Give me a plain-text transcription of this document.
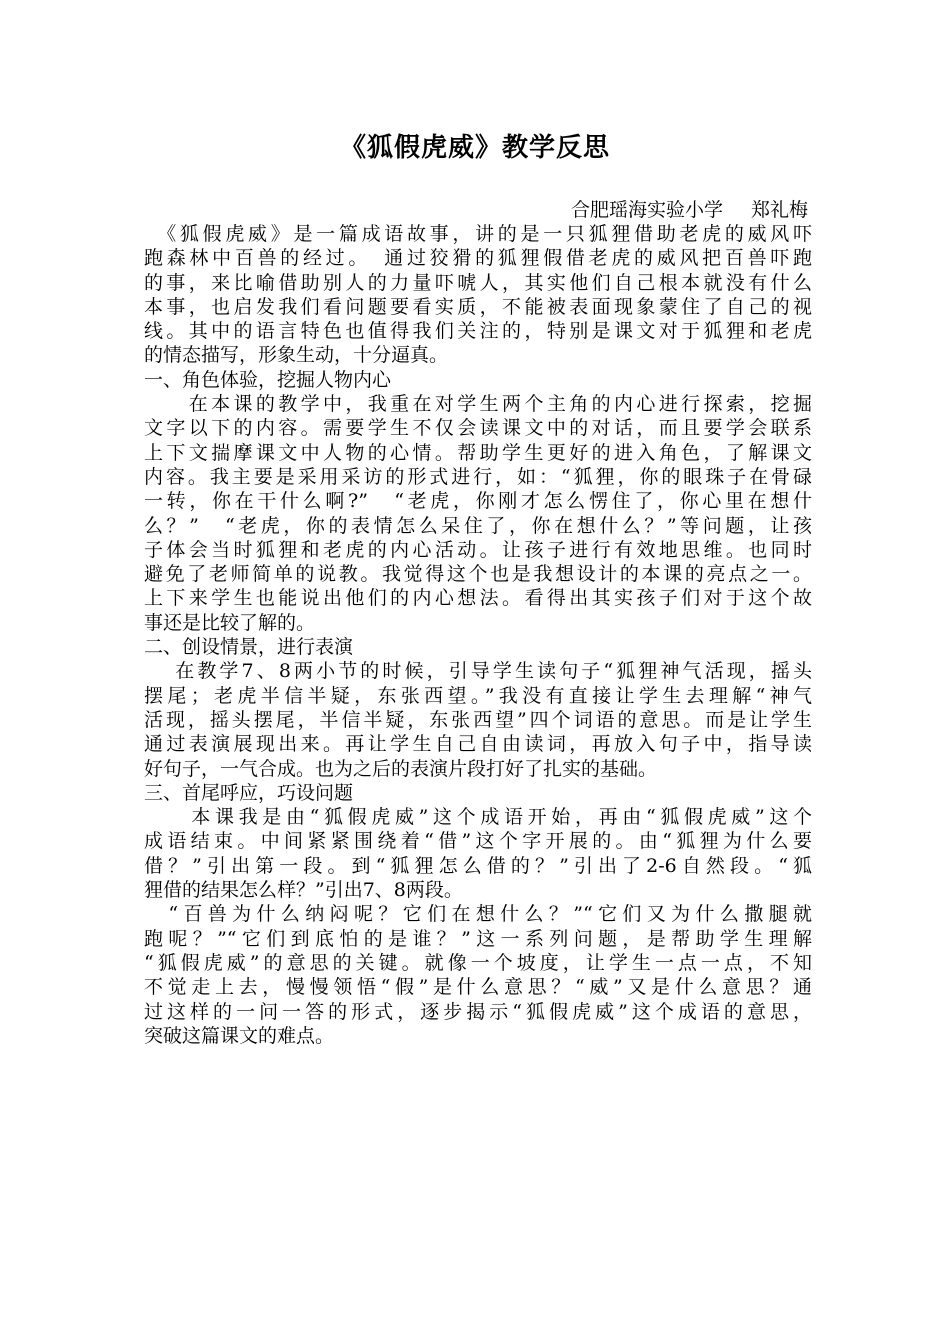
《狐假虎威》教学反思
合肥瑶海实验小学 郑礼梅
　《狐假虎威》是一篇成语故事，讲的是一只狐狸借助老虎的威风吓
跑森林中百兽的经过。　通过狡猾的狐狸假借老虎的威风把百兽吓跑
的事，来比喻借助别人的力量吓唬人，其实他们自己根本就没有什么
本事，也启发我们看问题要看实质，不能被表面现象蒙住了自己的视
线。其中的语言特色也值得我们关注的，特别是课文对于狐狸和老虎
的情态描写，形象生动，十分逼真。
一、角色体验，挖掘人物内心
　　在本课的教学中，我重在对学生两个主角的内心进行探索，挖掘
文字以下的内容。需要学生不仅会读课文中的对话，而且要学会联系
上下文揣摩课文中人物的心情。帮助学生更好的进入角色，了解课文
内容。我主要是采用采访的形式进行，如：“狐狸，你的眼珠子在骨碌
一转，你在干什么啊?”　“老虎，你刚才怎么愣住了，你心里在想什
么？”　“老虎，你的表情怎么呆住了，你在想什么？”等问题，让孩
子体会当时狐狸和老虎的内心活动。让孩子进行有效地思维。也同时
避免了老师简单的说教。我觉得这个也是我想设计的本课的亮点之一。
上下来学生也能说出他们的内心想法。看得出其实孩子们对于这个故
事还是比较了解的。
二、创设情景，进行表演
　 在教学7、8两小节的时候，引导学生读句子“狐狸神气活现，摇头
摆尾；老虎半信半疑，东张西望。”我没有直接让学生去理解“神气
活现，摇头摆尾，半信半疑，东张西望”四个词语的意思。而是让学生
通过表演展现出来。再让学生自己自由读词，再放入句子中，指导读
好句子，一气合成。也为之后的表演片段打好了扎实的基础。
三、首尾呼应，巧设问题
　　本课我是由“狐假虎威”这个成语开始，再由“狐假虎威”这个
成语结束。中间紧紧围绕着“借”这个字开展的。由“狐狸为什么要
借？”引出第一段。到“狐狸怎么借的？”引出了2-6自然段。“狐
狸借的结果怎么样？”引出7、8两段。
　“百兽为什么纳闷呢？它们在想什么？”“它们又为什么撒腿就
跑呢？”“它们到底怕的是谁？”这一系列问题，是帮助学生理解
“狐假虎威”的意思的关键。就像一个坡度，让学生一点一点，不知
不觉走上去，慢慢领悟“假”是什么意思？“威”又是什么意思？通
过这样的一问一答的形式，逐步揭示“狐假虎威”这个成语的意思，
突破这篇课文的难点。
